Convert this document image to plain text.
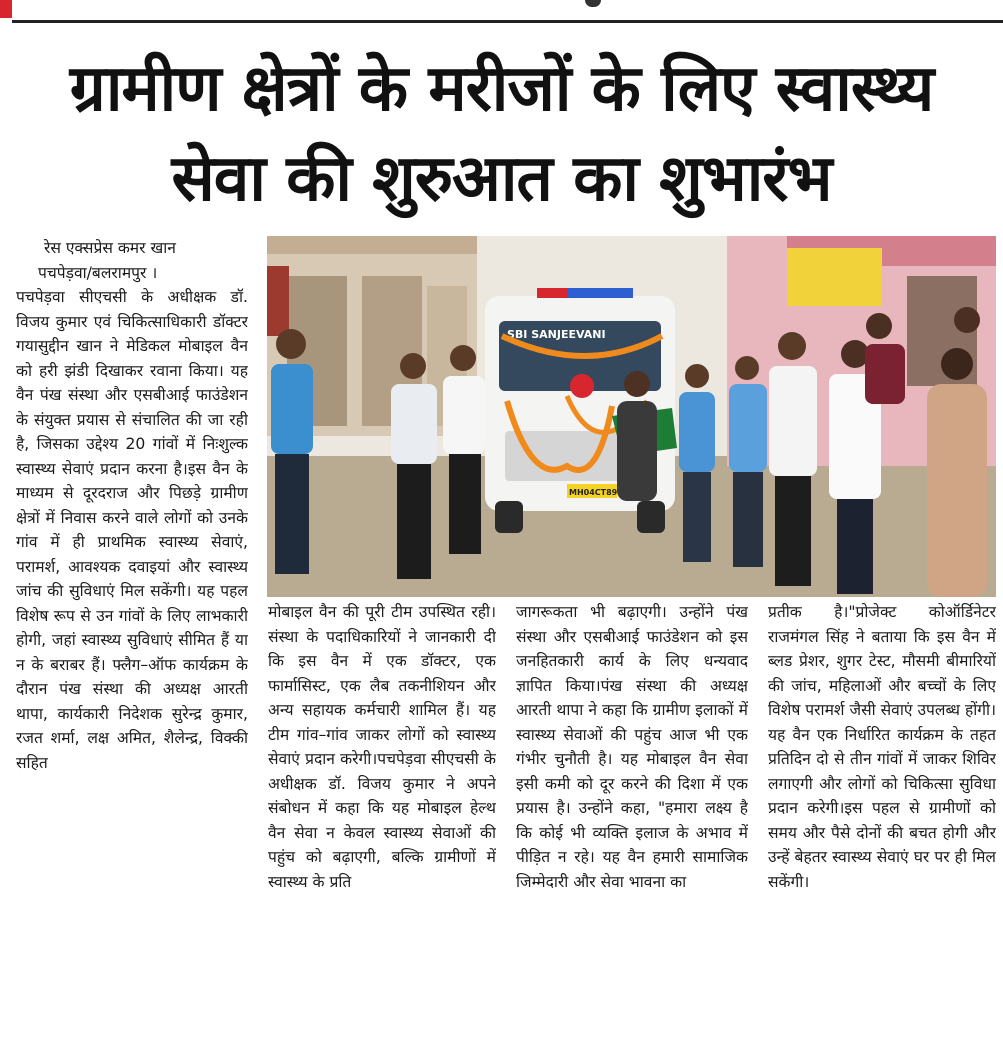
ग्रामीण क्षेत्रों के मरीजों के लिए स्वास्थ्य
सेवा की शुरुआत का शुभारंभ
रेस एक्सप्रेस कमर खान
पचपेड़वा/बलरामपुर ।

पचपेड़वा सीएचसी के अधीक्षक डॉ. विजय कुमार एवं चिकित्साधिकारी डॉक्टर गयासुद्दीन खान ने मेडिकल मोबाइल वैन को हरी झंडी दिखाकर रवाना किया। यह वैन पंख संस्था और एसबीआई फाउंडेशन के संयुक्त प्रयास से संचालित की जा रही है, जिसका उद्देश्य 20 गांवों में निःशुल्क स्वास्थ्य सेवाएं प्रदान करना है।इस वैन के माध्यम से दूरदराज और पिछड़े ग्रामीण क्षेत्रों में निवास करने वाले लोगों को उनके गांव में ही प्राथमिक स्वास्थ्य सेवाएं, परामर्श, आवश्यक दवाइयां और स्वास्थ्य जांच की सुविधाएं मिल सकेंगी। यह पहल विशेष रूप से उन गांवों के लिए लाभकारी होगी, जहां स्वास्थ्य सुविधाएं सीमित हैं या न के बराबर हैं। फ्लैग–ऑफ कार्यक्रम के दौरान पंख संस्था की अध्यक्ष आरती थापा, कार्यकारी निदेशक सुरेन्द्र कुमार, रजत शर्मा, लक्ष अमित, शैलेन्द्र, विक्की सहित

SBI SANJEEVANI
MH04CT89

मोबाइल वैन की पूरी टीम उपस्थित रही। संस्था के पदाधिकारियों ने जानकारी दी कि इस वैन में एक डॉक्टर, एक फार्मासिस्ट, एक लैब तकनीशियन और अन्य सहायक कर्मचारी शामिल हैं। यह टीम गांव–गांव जाकर लोगों को स्वास्थ्य सेवाएं प्रदान करेगी।पचपेड़वा सीएचसी के अधीक्षक डॉ. विजय कुमार ने अपने संबोधन में कहा कि यह मोबाइल हेल्थ वैन सेवा न केवल स्वास्थ्य सेवाओं की पहुंच को बढ़ाएगी, बल्कि ग्रामीणों में स्वास्थ्य के प्रति

जागरूकता भी बढ़ाएगी। उन्होंने पंख संस्था और एसबीआई फाउंडेशन को इस जनहितकारी कार्य के लिए धन्यवाद ज्ञापित किया।पंख संस्था की अध्यक्ष आरती थापा ने कहा कि ग्रामीण इलाकों में स्वास्थ्य सेवाओं की पहुंच आज भी एक गंभीर चुनौती है। यह मोबाइल वैन सेवा इसी कमी को दूर करने की दिशा में एक प्रयास है। उन्होंने कहा, "हमारा लक्ष्य है कि कोई भी व्यक्ति इलाज के अभाव में पीड़ित न रहे। यह वैन हमारी सामाजिक जिम्मेदारी और सेवा भावना का

प्रतीक है।"प्रोजेक्ट कोऑर्डिनेटर राजमंगल सिंह ने बताया कि इस वैन में ब्लड प्रेशर, शुगर टेस्ट, मौसमी बीमारियों की जांच, महिलाओं और बच्चों के लिए विशेष परामर्श जैसी सेवाएं उपलब्ध होंगी। यह वैन एक निर्धारित कार्यक्रम के तहत प्रतिदिन दो से तीन गांवों में जाकर शिविर लगाएगी और लोगों को चिकित्सा सुविधा प्रदान करेगी।इस पहल से ग्रामीणों को समय और पैसे दोनों की बचत होगी और उन्हें बेहतर स्वास्थ्य सेवाएं घर पर ही मिल सकेंगी।
